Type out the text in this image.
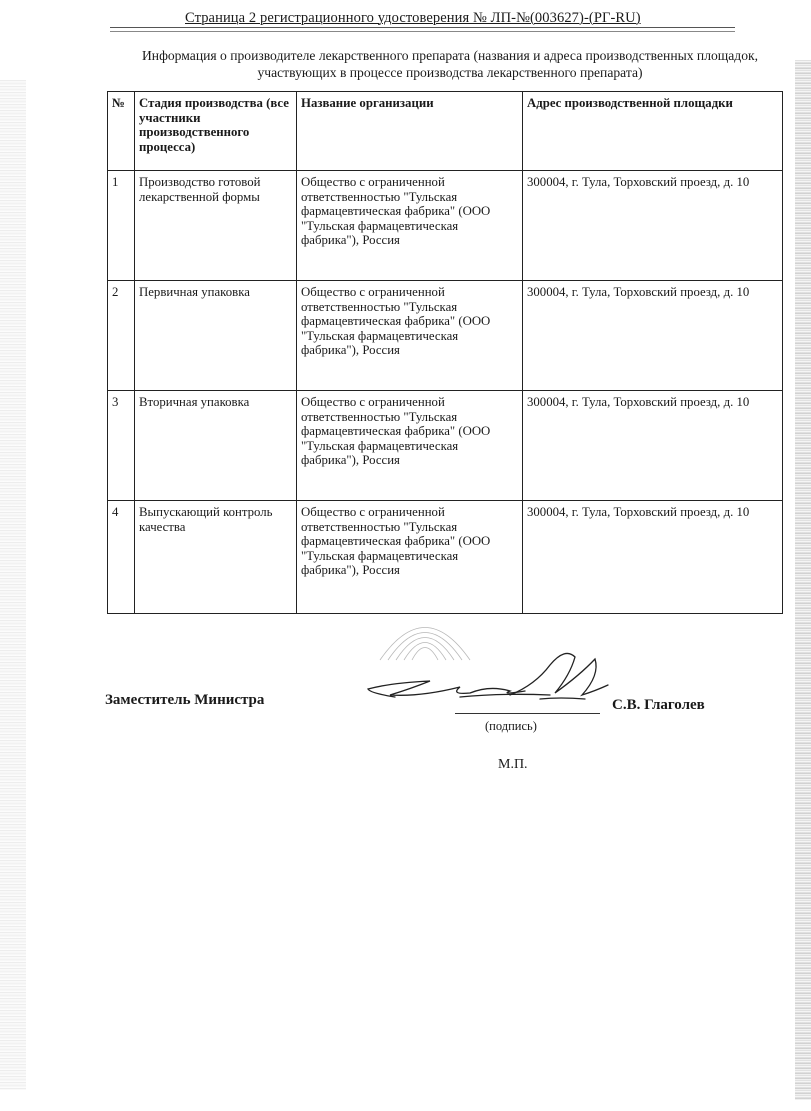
Страница 2 регистрационного удостоверения № ЛП-№(003627)-(РГ-RU)
Информация о производителе лекарственного препарата (названия и адреса производственных площадок,
участвующих в процессе производства лекарственного препарата)
№	Стадия производства (все участники производственного процесса)	Название организации	Адрес производственной площадки
1	Производство готовой лекарственной формы	Общество с ограниченной ответственностью "Тульская фармацевтическая фабрика" (ООО "Тульская фармацевтическая фабрика"), Россия	300004, г. Тула, Торховский проезд, д. 10
2	Первичная упаковка	Общество с ограниченной ответственностью "Тульская фармацевтическая фабрика" (ООО "Тульская фармацевтическая фабрика"), Россия	300004, г. Тула, Торховский проезд, д. 10
3	Вторичная упаковка	Общество с ограниченной ответственностью "Тульская фармацевтическая фабрика" (ООО "Тульская фармацевтическая фабрика"), Россия	300004, г. Тула, Торховский проезд, д. 10
4	Выпускающий контроль качества	Общество с ограниченной ответственностью "Тульская фармацевтическая фабрика" (ООО "Тульская фармацевтическая фабрика"), Россия	300004, г. Тула, Торховский проезд, д. 10
Заместитель Министра	С.В. Глаголев
(подпись)
М.П.
